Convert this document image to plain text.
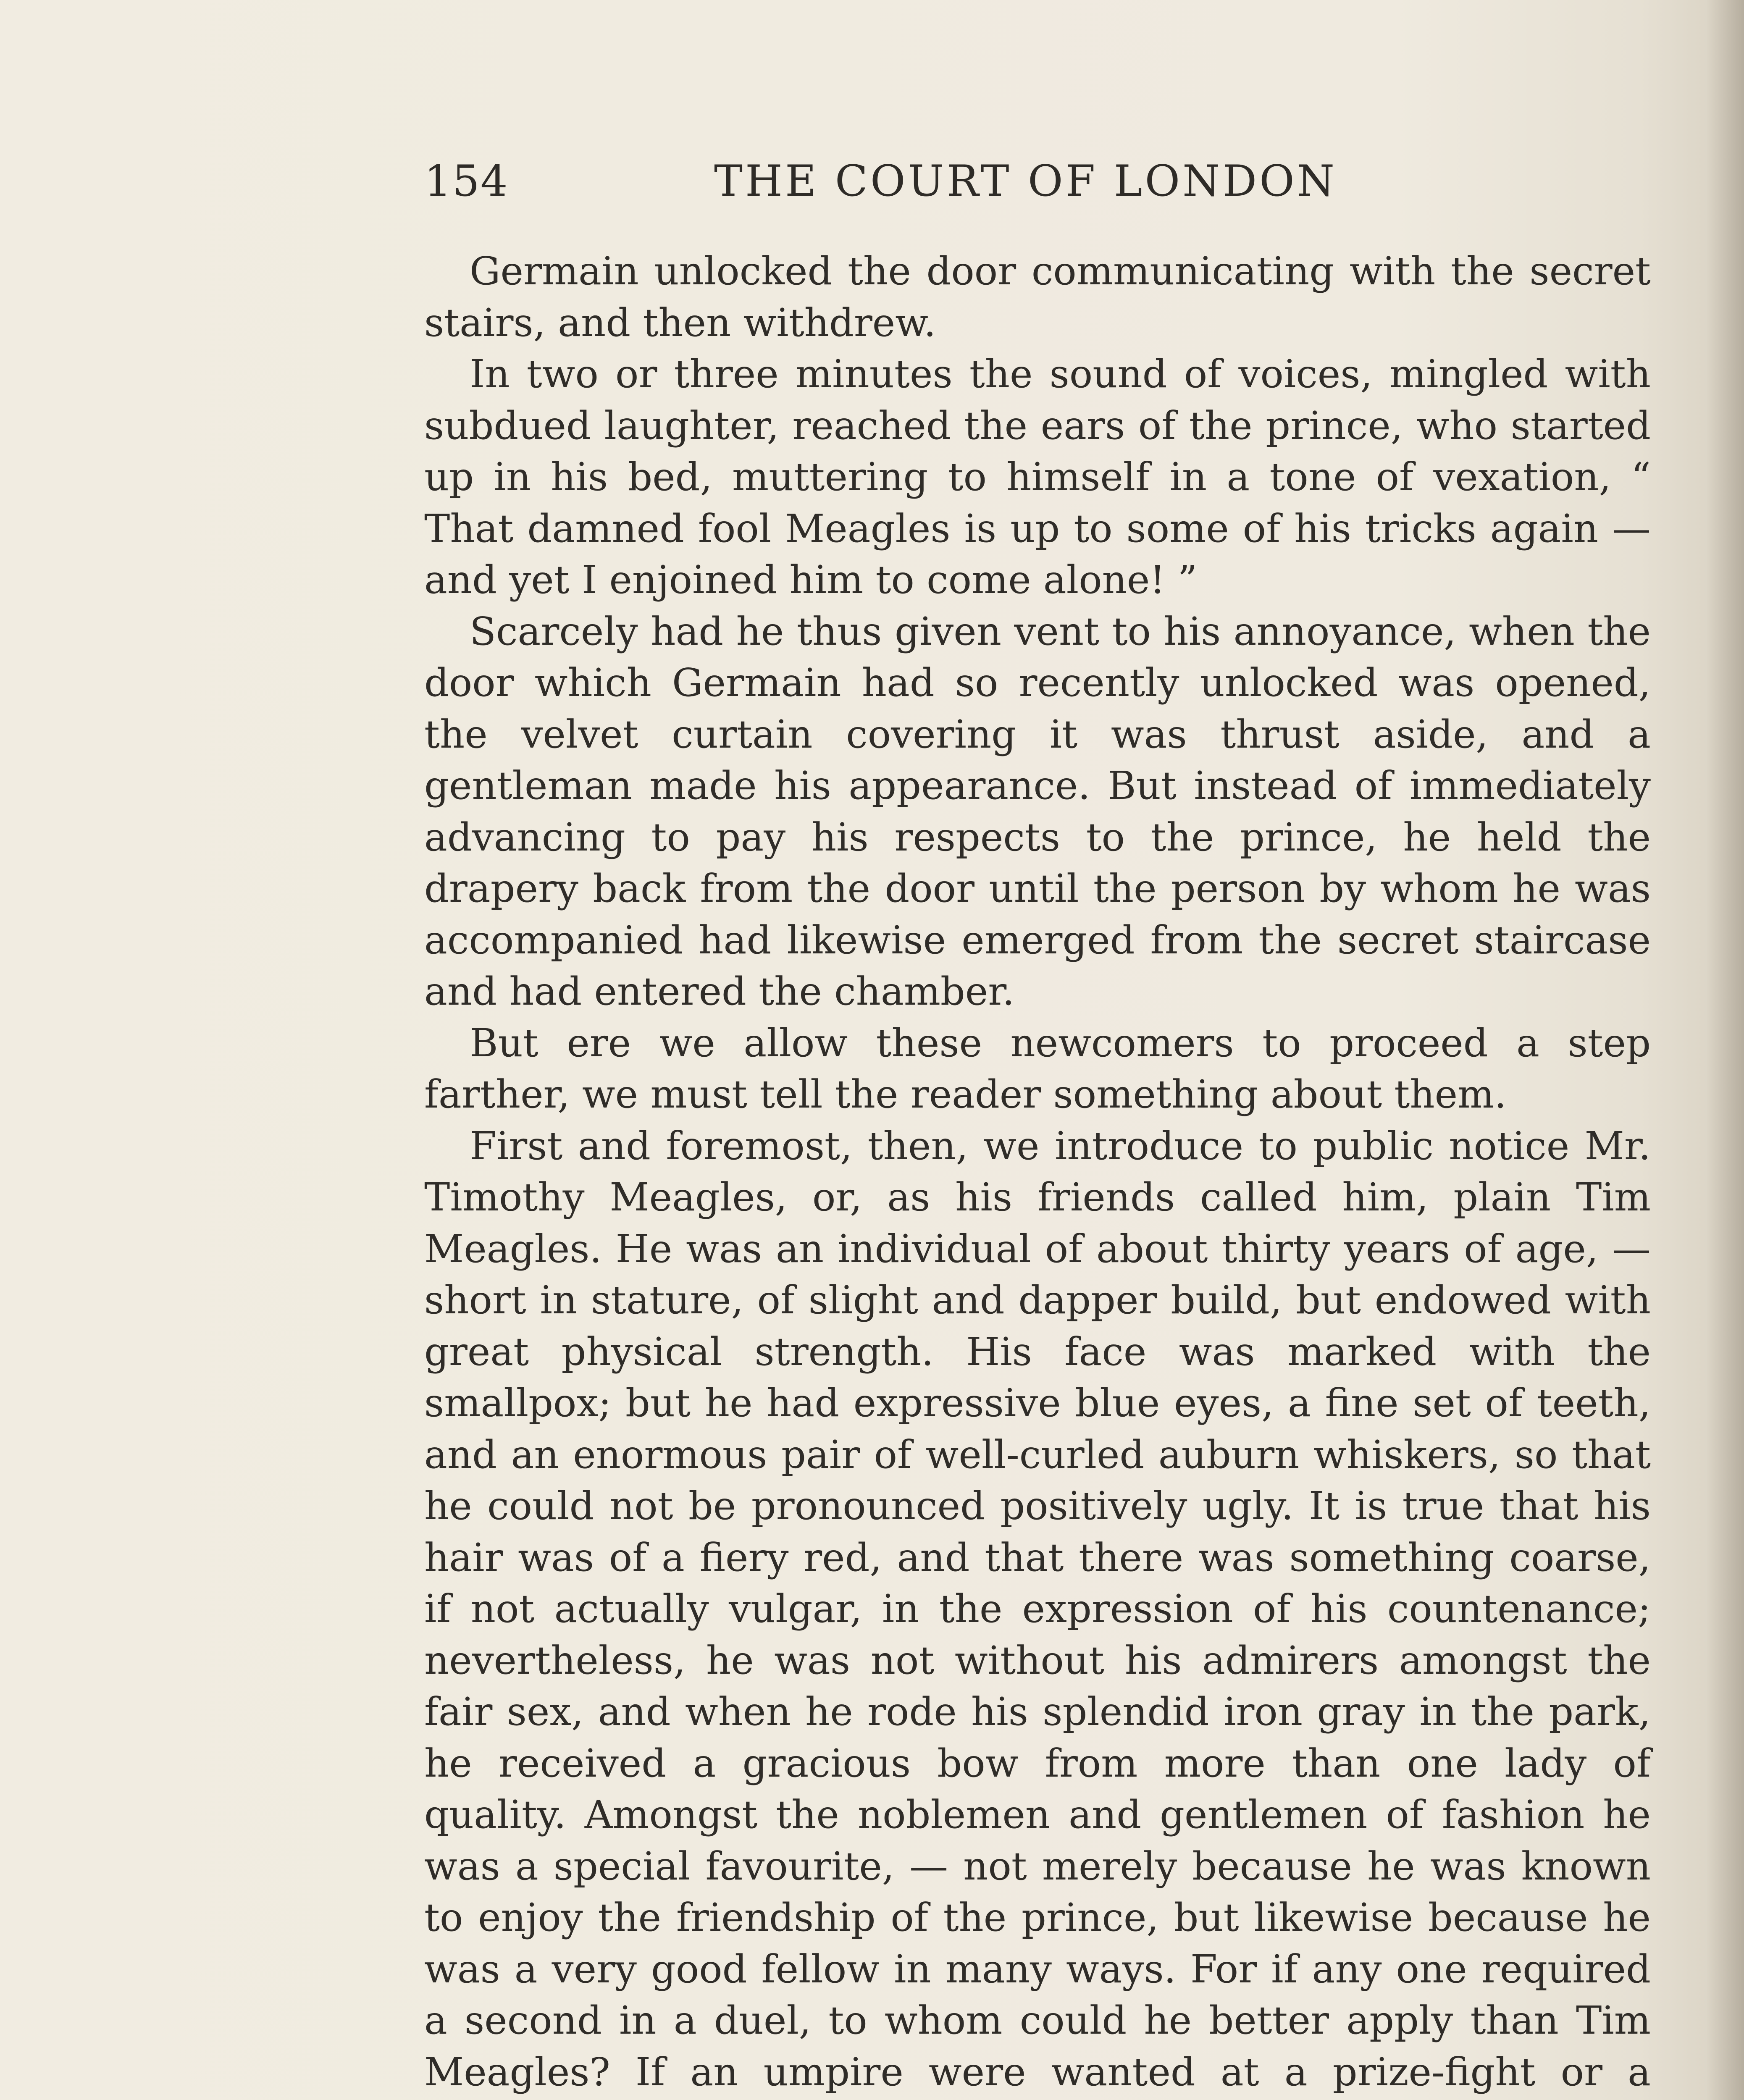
154	THE COURT OF LONDON

Germain unlocked the door communicating with the secret stairs, and then withdrew.

In two or three minutes the sound of voices, mingled with subdued laughter, reached the ears of the prince, who started up in his bed, muttering to himself in a tone of vexation, “ That damned fool Meagles is up to some of his tricks again — and yet I enjoined him to come alone! ”

Scarcely had he thus given vent to his annoyance, when the door which Germain had so recently unlocked was opened, the velvet curtain covering it was thrust aside, and a gentleman made his appearance. But instead of immediately advancing to pay his respects to the prince, he held the drapery back from the door until the person by whom he was accompanied had likewise emerged from the secret staircase and had entered the chamber.

But ere we allow these newcomers to proceed a step farther, we must tell the reader something about them.

First and foremost, then, we introduce to public notice Mr. Timothy Meagles, or, as his friends called him, plain Tim Meagles. He was an individual of about thirty years of age, — short in stature, of slight and dapper build, but endowed with great physical strength. His face was marked with the smallpox; but he had expressive blue eyes, a fine set of teeth, and an enormous pair of well-curled auburn whiskers, so that he could not be pronounced positively ugly. It is true that his hair was of a fiery red, and that there was something coarse, if not actually vulgar, in the expression of his countenance; nevertheless, he was not without his admirers amongst the fair sex, and when he rode his splendid iron gray in the park, he received a gracious bow from more than one lady of quality. Amongst the noblemen and gentlemen of fashion he was a special favourite, — not merely because he was known to enjoy the friendship of the prince, but likewise because he was a very good fellow in many ways. For if any one required a second in a duel, to whom could he better apply than Tim Meagles? If an umpire were wanted at a prize-fight or a
